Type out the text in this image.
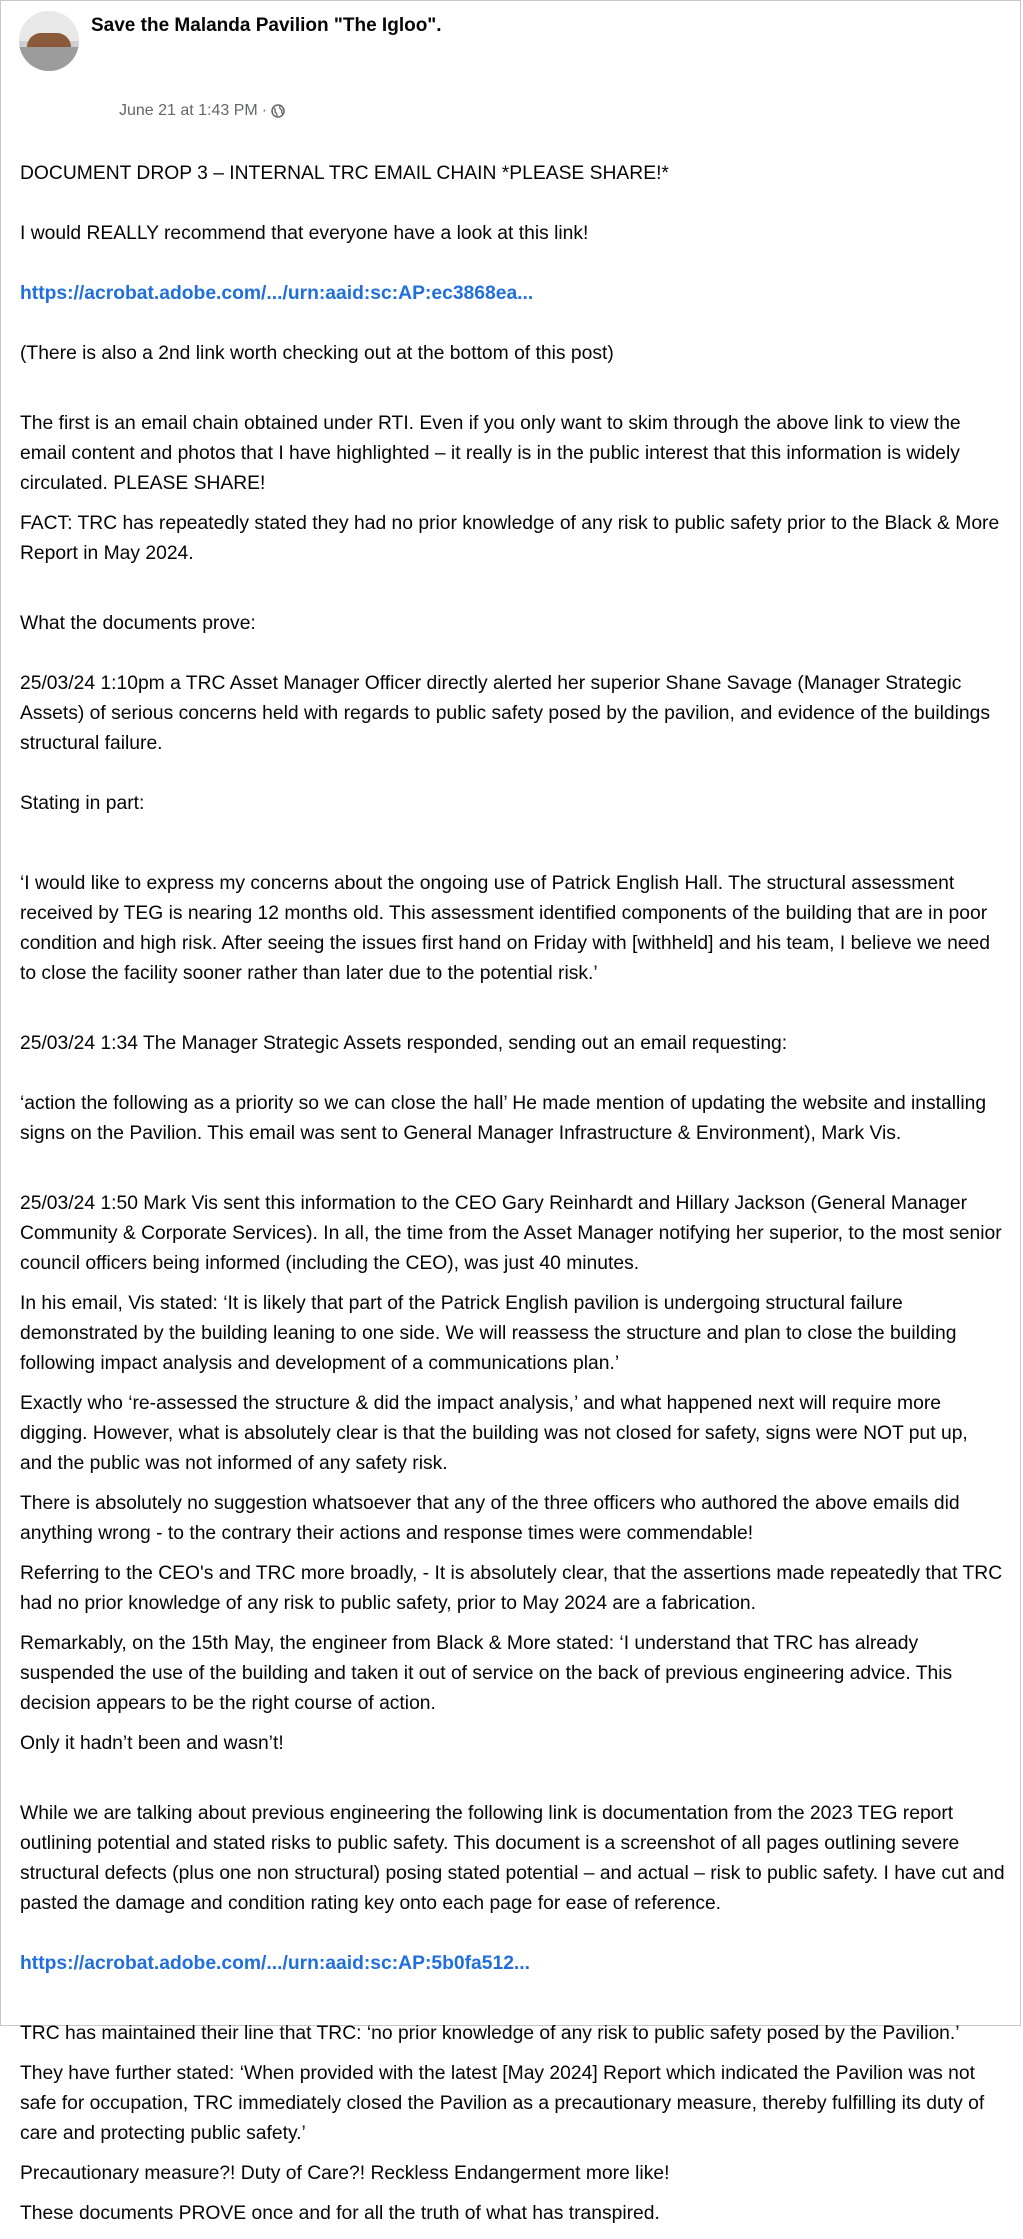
Save the Malanda Pavilion "The Igloo".
June 21 at 1:43 PM ·

DOCUMENT DROP 3 – INTERNAL TRC EMAIL CHAIN *PLEASE SHARE!*

I would REALLY recommend that everyone have a look at this link!

https://acrobat.adobe.com/.../urn:aaid:sc:AP:ec3868ea...

(There is also a 2nd link worth checking out at the bottom of this post)

The first is an email chain obtained under RTI. Even if you only want to skim through the above link to view the email content and photos that I have highlighted – it really is in the public interest that this information is widely circulated. PLEASE SHARE!

FACT: TRC has repeatedly stated they had no prior knowledge of any risk to public safety prior to the Black & More Report in May 2024.

What the documents prove:

25/03/24 1:10pm a TRC Asset Manager Officer directly alerted her superior Shane Savage (Manager Strategic Assets) of serious concerns held with regards to public safety posed by the pavilion, and evidence of the buildings structural failure.

Stating in part:

‘I would like to express my concerns about the ongoing use of Patrick English Hall. The structural assessment received by TEG is nearing 12 months old. This assessment identified components of the building that are in poor condition and high risk. After seeing the issues first hand on Friday with [withheld] and his team, I believe we need to close the facility sooner rather than later due to the potential risk.’

25/03/24 1:34 The Manager Strategic Assets responded, sending out an email requesting:

‘action the following as a priority so we can close the hall’ He made mention of updating the website and installing signs on the Pavilion. This email was sent to General Manager Infrastructure & Environment), Mark Vis.

25/03/24 1:50 Mark Vis sent this information to the CEO Gary Reinhardt and Hillary Jackson (General Manager Community & Corporate Services). In all, the time from the Asset Manager notifying her superior, to the most senior council officers being informed (including the CEO), was just 40 minutes.

In his email, Vis stated: ‘It is likely that part of the Patrick English pavilion is undergoing structural failure demonstrated by the building leaning to one side. We will reassess the structure and plan to close the building following impact analysis and development of a communications plan.’

Exactly who ‘re-assessed the structure & did the impact analysis,’ and what happened next will require more digging. However, what is absolutely clear is that the building was not closed for safety, signs were NOT put up, and the public was not informed of any safety risk.

There is absolutely no suggestion whatsoever that any of the three officers who authored the above emails did anything wrong - to the contrary their actions and response times were commendable!

Referring to the CEO's and TRC more broadly, - It is absolutely clear, that the assertions made repeatedly that TRC had no prior knowledge of any risk to public safety, prior to May 2024 are a fabrication.

Remarkably, on the 15th May, the engineer from Black & More stated: ‘I understand that TRC has already suspended the use of the building and taken it out of service on the back of previous engineering advice. This decision appears to be the right course of action.

Only it hadn’t been and wasn’t!

While we are talking about previous engineering the following link is documentation from the 2023 TEG report outlining potential and stated risks to public safety. This document is a screenshot of all pages outlining severe structural defects (plus one non structural) posing stated potential – and actual – risk to public safety. I have cut and pasted the damage and condition rating key onto each page for ease of reference.

https://acrobat.adobe.com/.../urn:aaid:sc:AP:5b0fa512...

TRC has maintained their line that TRC: ‘no prior knowledge of any risk to public safety posed by the Pavilion.’

They have further stated: ‘When provided with the latest [May 2024] Report which indicated the Pavilion was not safe for occupation, TRC immediately closed the Pavilion as a precautionary measure, thereby fulfilling its duty of care and protecting public safety.’

Precautionary measure?! Duty of Care?! Reckless Endangerment more like!

These documents PROVE once and for all the truth of what has transpired.
